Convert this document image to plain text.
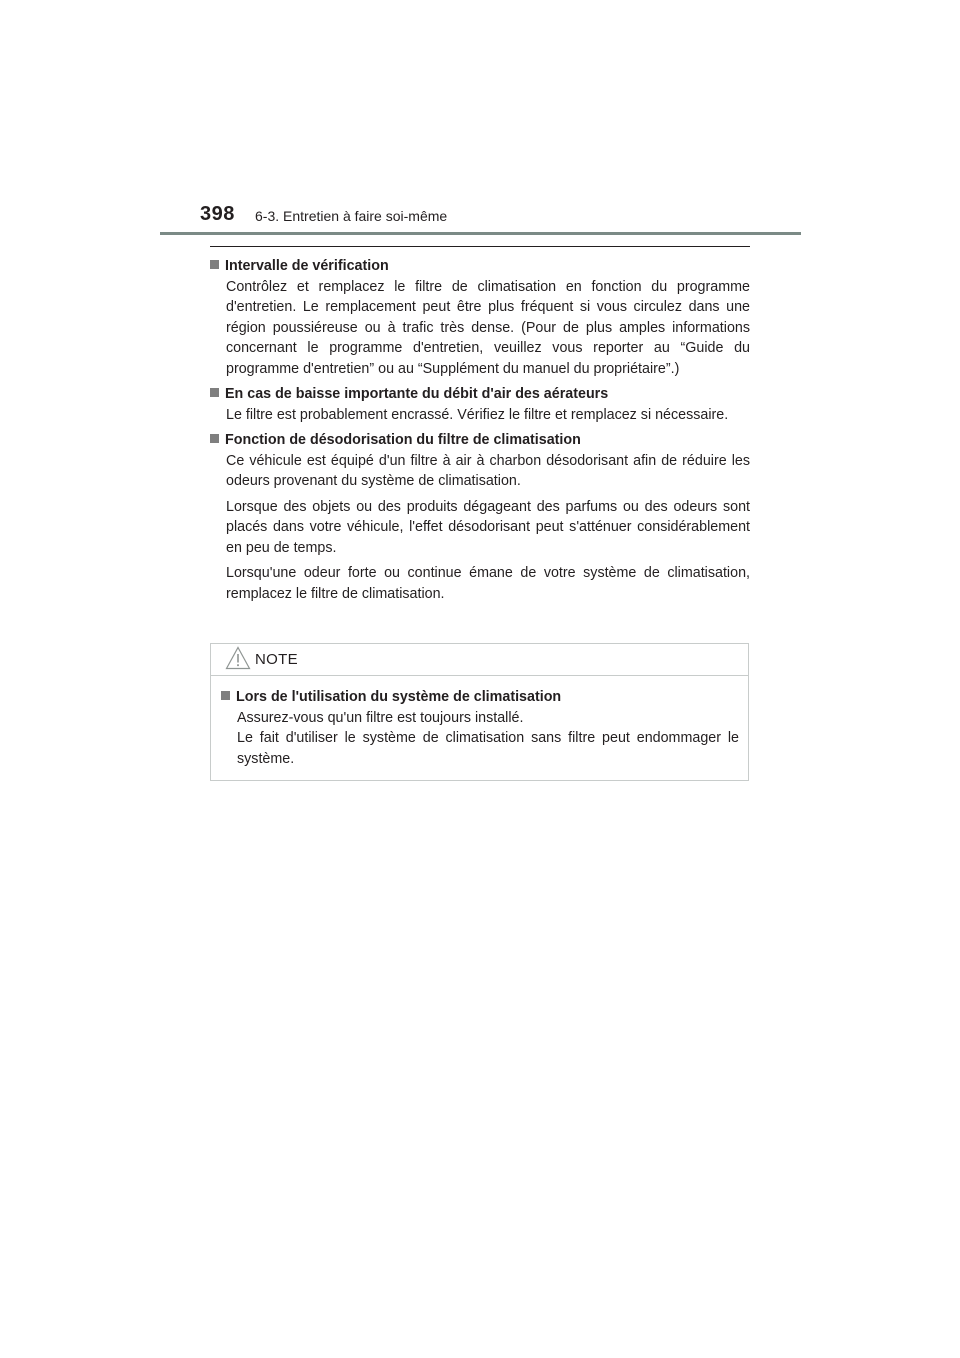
398 6-3. Entretien à faire soi-même
Intervalle de vérification

Contrôlez et remplacez le filtre de climatisation en fonction du programme d'entretien. Le remplacement peut être plus fréquent si vous circulez dans une région poussiéreuse ou à trafic très dense. (Pour de plus amples informations concernant le programme d'entretien, veuillez vous reporter au “Guide du programme d'entretien” ou au “Supplément du manuel du propriétaire”.)

En cas de baisse importante du débit d'air des aérateurs

Le filtre est probablement encrassé. Vérifiez le filtre et remplacez si nécessaire.

Fonction de désodorisation du filtre de climatisation

Ce véhicule est équipé d'un filtre à air à charbon désodorisant afin de réduire les odeurs provenant du système de climatisation.

Lorsque des objets ou des produits dégageant des parfums ou des odeurs sont placés dans votre véhicule, l'effet désodorisant peut s'atténuer considérablement en peu de temps.

Lorsqu'une odeur forte ou continue émane de votre système de climatisation, remplacez le filtre de climatisation.

NOTE
Lors de l'utilisation du système de climatisation

Assurez-vous qu'un filtre est toujours installé.

Le fait d'utiliser le système de climatisation sans filtre peut endommager le système.
